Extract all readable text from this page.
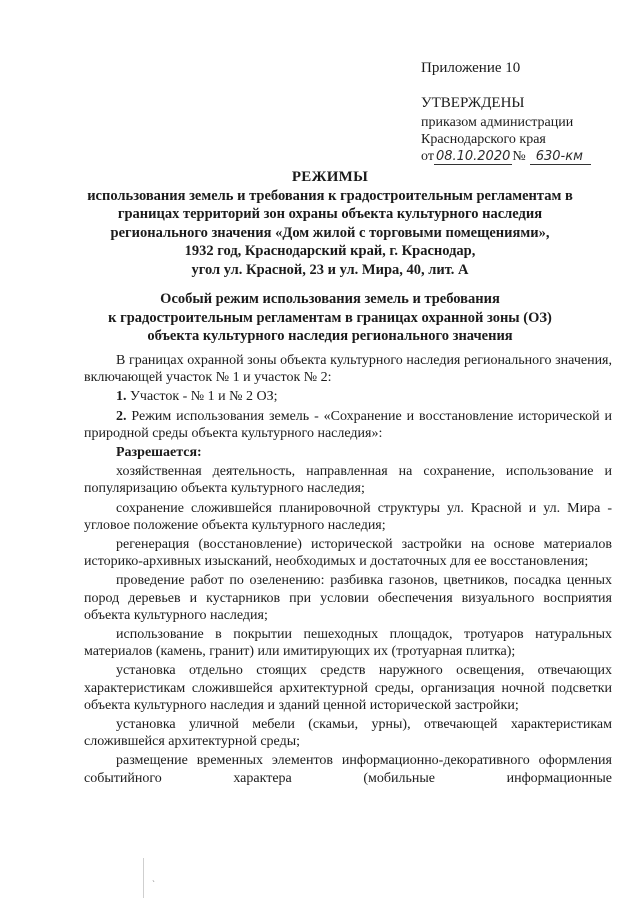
Приложение 10
УТВЕРЖДЕНЫ
приказом администрации
Краснодарского края
от 08.10.2020 № 630-км
РЕЖИМЫ
использования земель и требования к градостроительным регламентам в
границах территорий зон охраны объекта культурного наследия
регионального значения «Дом жилой с торговыми помещениями»,
1932 год, Краснодарский край, г. Краснодар,
угол ул. Красной, 23 и ул. Мира, 40, лит. А
Особый режим использования земель и требования
к градостроительным регламентам в границах охранной зоны (ОЗ)
объекта культурного наследия регионального значения

В границах охранной зоны объекта культурного наследия регионального значения, включающей участок № 1 и участок № 2:

1. Участок - № 1 и № 2 ОЗ;

2. Режим использования земель - «Сохранение и восстановление исторической и природной среды объекта культурного наследия»:

Разрешается:

хозяйственная деятельность, направленная на сохранение, использование и популяризацию объекта культурного наследия;

сохранение сложившейся планировочной структуры ул. Красной и ул. Мира - угловое положение объекта культурного наследия;

регенерация (восстановление) исторической застройки на основе материалов историко-архивных изысканий, необходимых и достаточных для ее восстановления;

проведение работ по озеленению: разбивка газонов, цветников, посадка ценных пород деревьев и кустарников при условии обеспечения визуального восприятия объекта культурного наследия;

использование в покрытии пешеходных площадок, тротуаров натуральных материалов (камень, гранит) или имитирующих их (тротуарная плитка);

установка отдельно стоящих средств наружного освещения, отвечающих характеристикам сложившейся архитектурной среды, организация ночной подсветки объекта культурного наследия и зданий ценной исторической застройки;

установка уличной мебели (скамьи, урны), отвечающей характеристикам сложившейся архитектурной среды;

размещение временных элементов информационно-декоративного оформления событийного характера (мобильные информационные

ˎ
